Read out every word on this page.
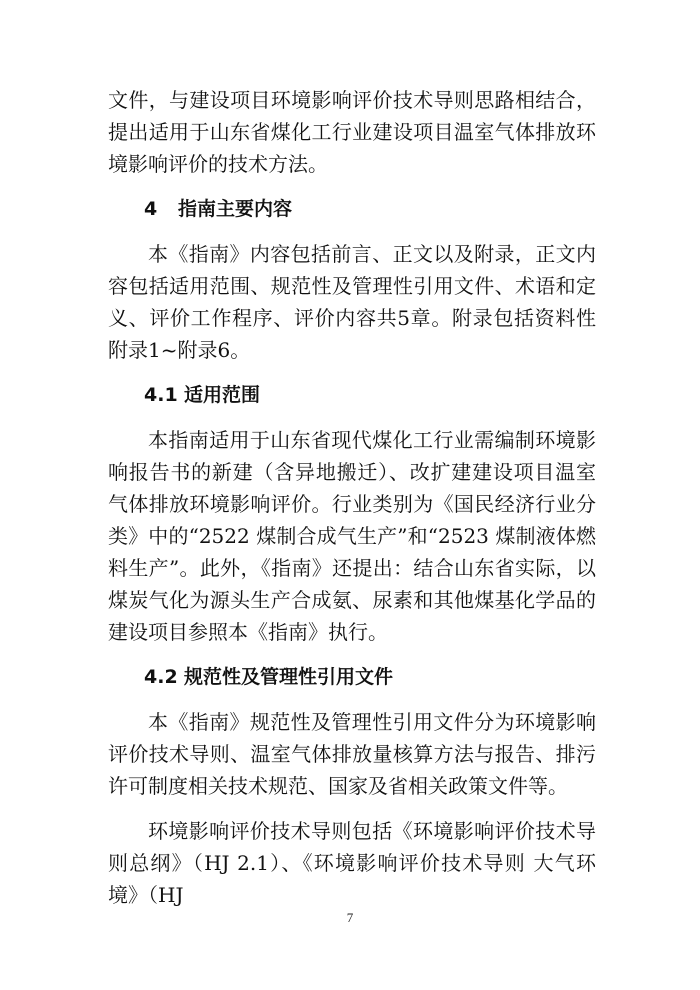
文件，与建设项目环境影响评价技术导则思路相结合，提出适用于山东省煤化工行业建设项目温室气体排放环境影响评价的技术方法。

4 指南主要内容

本《指南》内容包括前言、正文以及附录，正文内容包括适用范围、规范性及管理性引用文件、术语和定义、评价工作程序、评价内容共5章。附录包括资料性附录1~附录6。

4.1 适用范围

本指南适用于山东省现代煤化工行业需编制环境影响报告书的新建（含异地搬迁）、改扩建建设项目温室气体排放环境影响评价。行业类别为《国民经济行业分类》中的“2522 煤制合成气生产”和“2523 煤制液体燃料生产”。此外，《指南》还提出：结合山东省实际，以煤炭气化为源头生产合成氨、尿素和其他煤基化学品的建设项目参照本《指南》执行。

4.2 规范性及管理性引用文件

本《指南》规范性及管理性引用文件分为环境影响评价技术导则、温室气体排放量核算方法与报告、排污许可制度相关技术规范、国家及省相关政策文件等。

环境影响评价技术导则包括《环境影响评价技术导则总纲》（HJ 2.1）、《环境影响评价技术导则 大气环境》（HJ

7
